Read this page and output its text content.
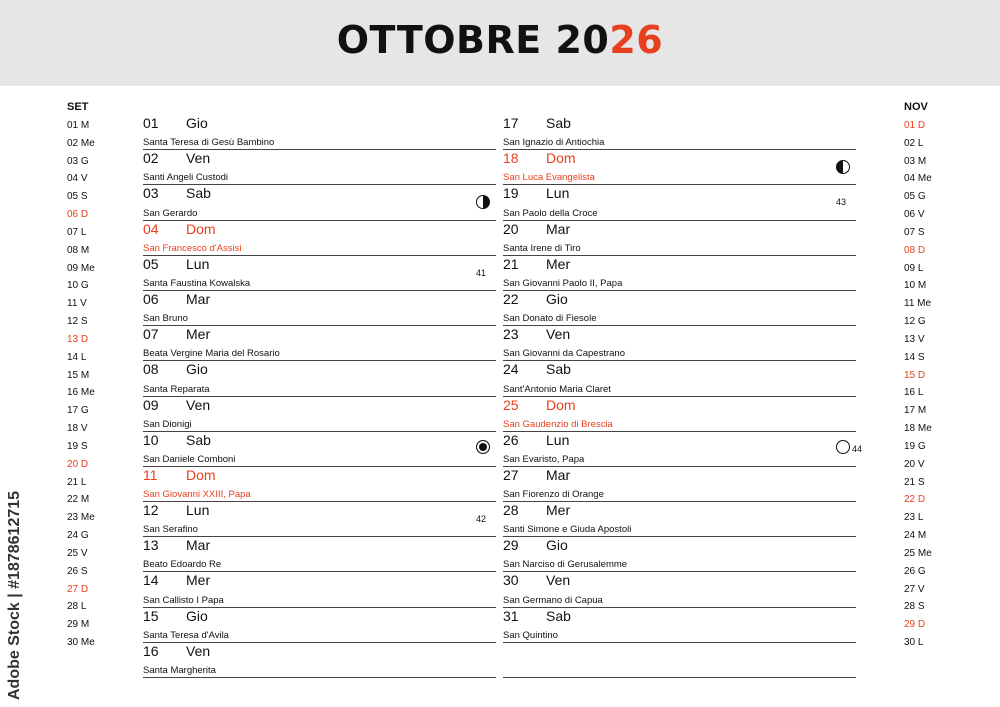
OTTOBRE 2026
SET
01 M
02 Me
03 G
04 V
05 S
06 D
07 L
08 M
09 Me
10 G
11 V
12 S
13 D
14 L
15 M
16 Me
17 G
18 V
19 S
20 D
21 L
22 M
23 Me
24 G
25 V
26 S
27 D
28 L
29 M
30 Me
NOV
01 D
02 L
03 M
04 Me
05 G
06 V
07 S
08 D
09 L
10 M
11 Me
12 G
13 V
14 S
15 D
16 L
17 M
18 Me
19 G
20 V
21 S
22 D
23 L
24 M
25 Me
26 G
27 V
28 S
29 D
30 L
01 Gio
Santa Teresa di Gesù Bambino
02 Ven
Santi Angeli Custodi
03 Sab
San Gerardo
04 Dom
San Francesco d'Assisi
05 Lun
Santa Faustina Kowalska
41
06 Mar
San Bruno
07 Mer
Beata Vergine Maria del Rosario
08 Gio
Santa Reparata
09 Ven
San Dionigi
10 Sab
San Daniele Comboni
11 Dom
San Giovanni XXIII, Papa
12 Lun
San Serafino
42
13 Mar
Beato Edoardo Re
14 Mer
San Callisto I Papa
15 Gio
Santa Teresa d'Avila
16 Ven
Santa Margherita
17 Sab
San Ignazio di Antiochia
18 Dom
San Luca Evangelista
19 Lun
San Paolo della Croce
43
20 Mar
Santa Irene di Tiro
21 Mer
San Giovanni Paolo II, Papa
22 Gio
San Donato di Fiesole
23 Ven
San Giovanni da Capestrano
24 Sab
Sant'Antonio Maria Claret
25 Dom
San Gaudenzio di Brescia
26 Lun
San Evaristo, Papa
44
27 Mar
San Fiorenzo di Orange
28 Mer
Santi Simone e Giuda Apostoli
29 Gio
San Narciso di Gerusalemme
30 Ven
San Germano di Capua
31 Sab
San Quintino
Adobe Stock | #1878612715
